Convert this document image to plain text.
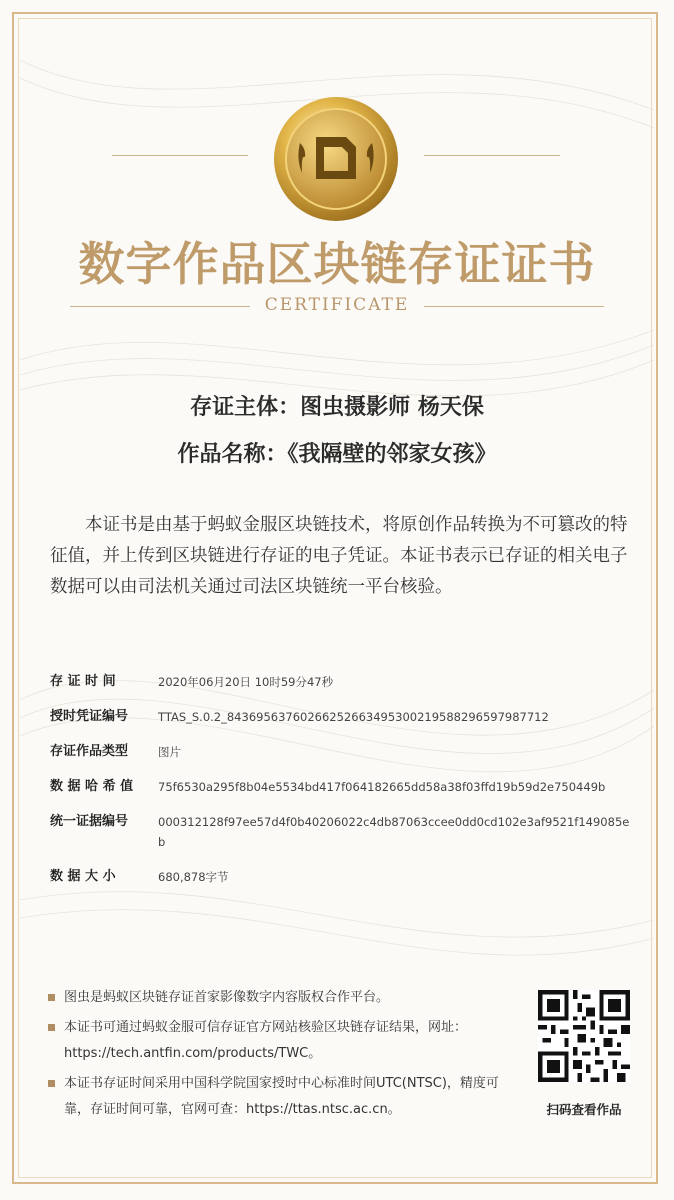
数字作品区块链存证证书
CERTIFICATE
存证主体：图虫摄影师 杨天保
作品名称：《我隔壁的邻家女孩》
本证书是由基于蚂蚁金服区块链技术，将原创作品转换为不可篡改的特征值，并上传到区块链进行存证的电子凭证。本证书表示已存证的相关电子数据可以由司法机关通过司法区块链统一平台核验。
存 证 时 间	2020年06月20日 10时59分47秒
授时凭证编号	TTAS_S.0.2_843695637602662526634953002195882965979877​12
存证作品类型	图片
数 据 哈 希 值	75f6530a295f8b04e5534bd417f064182665dd58a38f03ffd19b59d2e750449b
统一证据编号	000312128f97ee57d4f0b40206022c4db87063ccee0dd0cd102e3af9521f149085eb
数 据 大 小	680,878字节
图虫是蚂蚁区块链存证首家影像数字内容版权合作平台。
本证书可通过蚂蚁金服可信存证官方网站核验区块链存证结果，网址：https://tech.antfin.com/products/TWC。
本证书存证时间采用中国科学院国家授时中心标准时间UTC(NTSC)，精度可靠，存证时间可靠，官网可查：https://ttas.ntsc.ac.cn。	扫码查看作品
